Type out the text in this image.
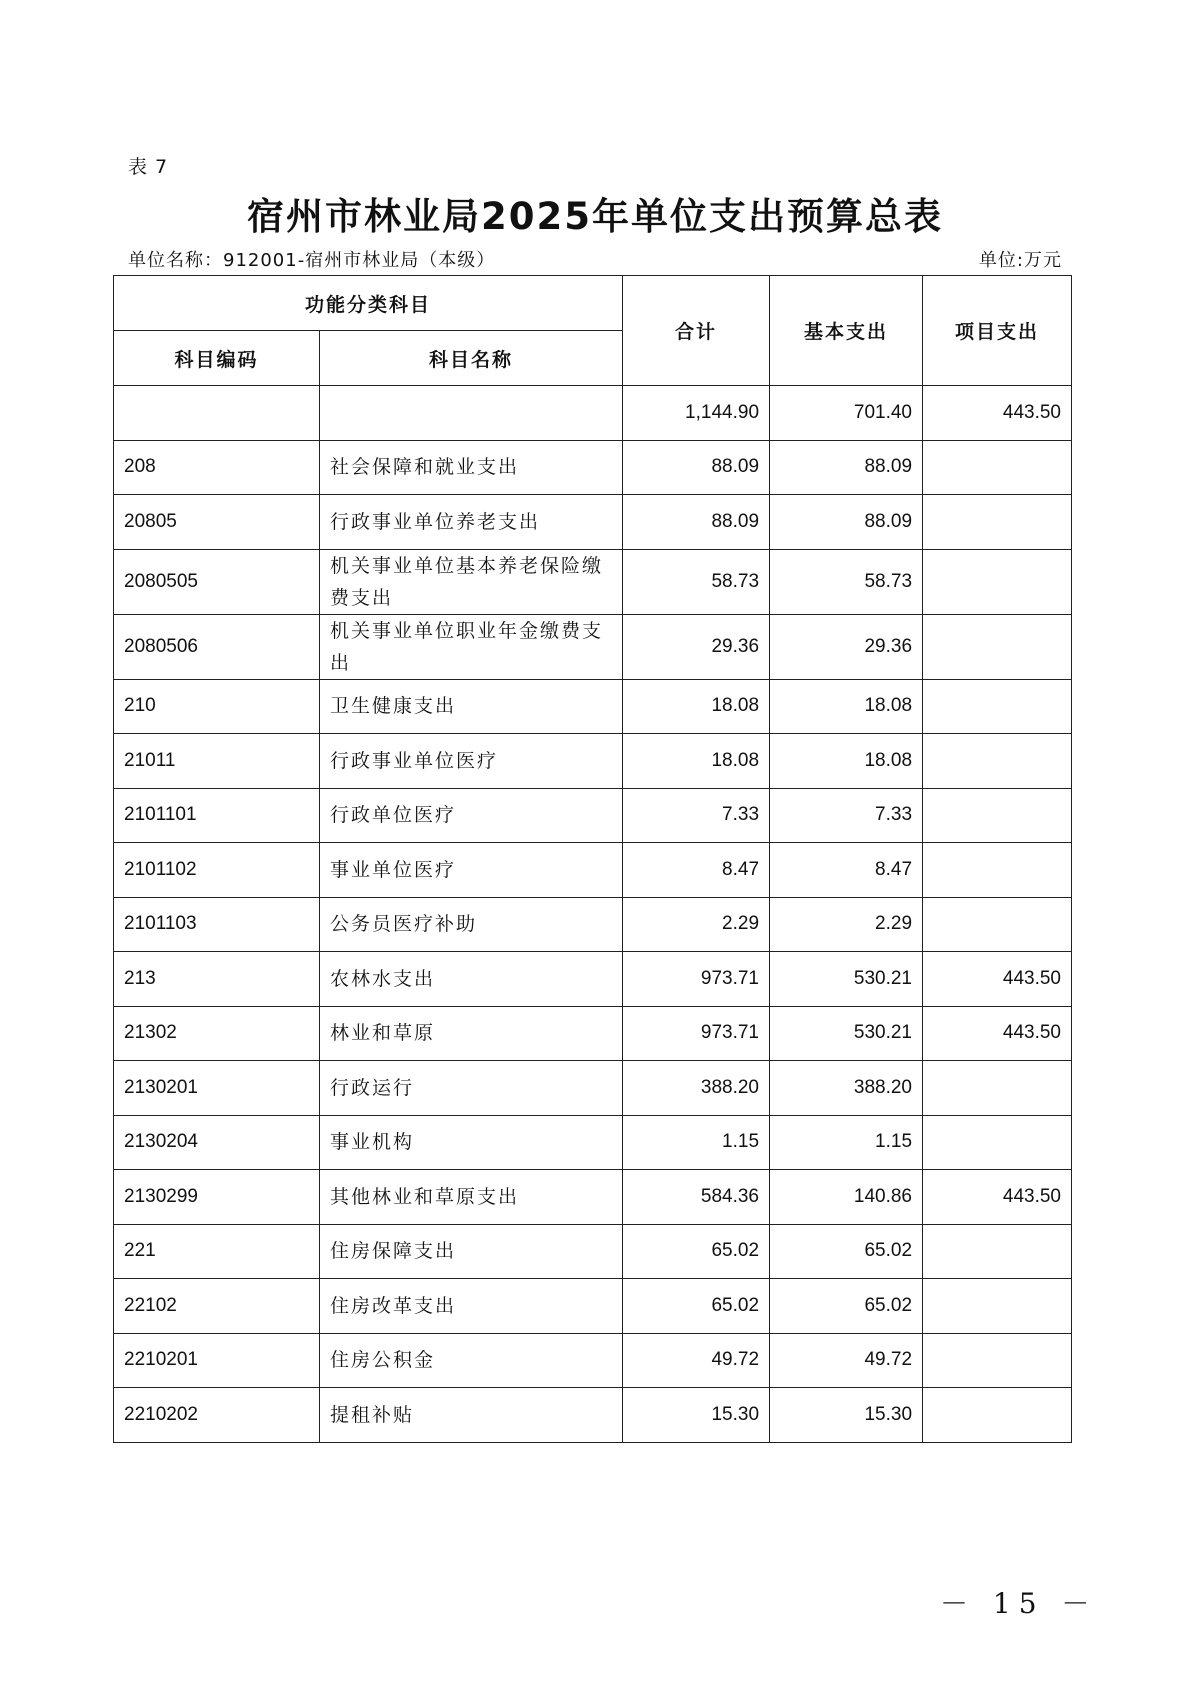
表 7
宿州市林业局2025年单位支出预算总表
单位名称：912001-宿州市林业局（本级）	单位:万元
功能分类科目		合计	基本支出	项目支出
科目编码	科目名称			
		1,144.90	701.40	443.50
208	社会保障和就业支出	88.09	88.09	
20805	行政事业单位养老支出	88.09	88.09	
2080505	机关事业单位基本养老保险缴费支出	58.73	58.73	
2080506	机关事业单位职业年金缴费支出	29.36	29.36	
210	卫生健康支出	18.08	18.08	
21011	行政事业单位医疗	18.08	18.08	
2101101	行政单位医疗	7.33	7.33	
2101102	事业单位医疗	8.47	8.47	
2101103	公务员医疗补助	2.29	2.29	
213	农林水支出	973.71	530.21	443.50
21302	林业和草原	973.71	530.21	443.50
2130201	行政运行	388.20	388.20	
2130204	事业机构	1.15	1.15	
2130299	其他林业和草原支出	584.36	140.86	443.50
221	住房保障支出	65.02	65.02	
22102	住房改革支出	65.02	65.02	
2210201	住房公积金	49.72	49.72	
2210202	提租补贴	15.30	15.30	
－ 15 －
